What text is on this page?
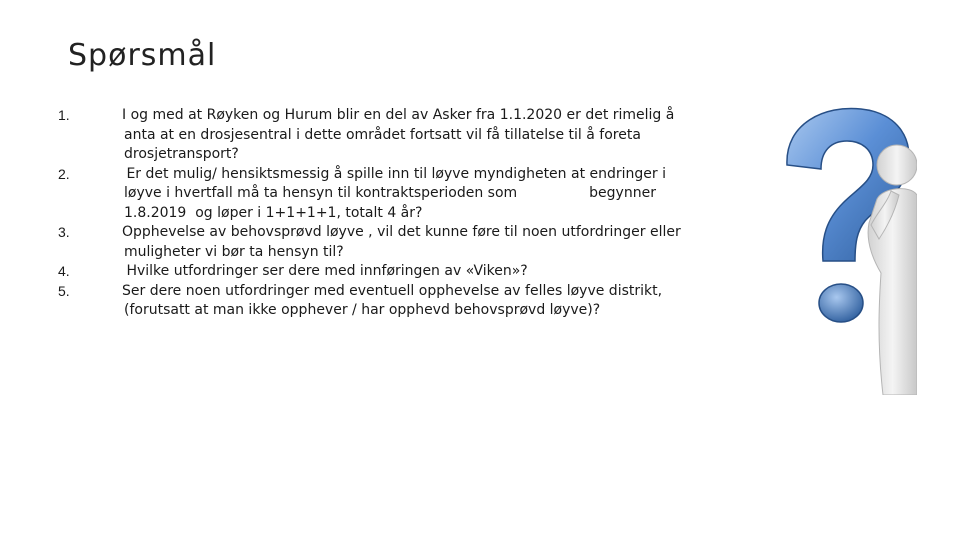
Spørsmål
1.	I og med at Røyken og Hurum blir en del av Asker fra 1.1.2020 er det rimelig å
anta at en drosjesentral i dette området fortsatt vil få tillatelse til å foreta
drosjetransport?
2.	Er det mulig/ hensiktsmessig å spille inn til løyve myndigheten at endringer i
løyve i hvertfall må ta hensyn til kontraktsperioden som	begynner
1.8.2019  og løper i 1+1+1+1, totalt 4 år?
3.	Opphevelse av behovsprøvd løyve , vil det kunne føre til noen utfordringer eller
muligheter vi bør ta hensyn til?
4.	Hvilke utfordringer ser dere med innføringen av «Viken»?
5.	Ser dere noen utfordringer med eventuell opphevelse av felles løyve distrikt,
(forutsatt at man ikke opphever / har opphevd behovsprøvd løyve)?
